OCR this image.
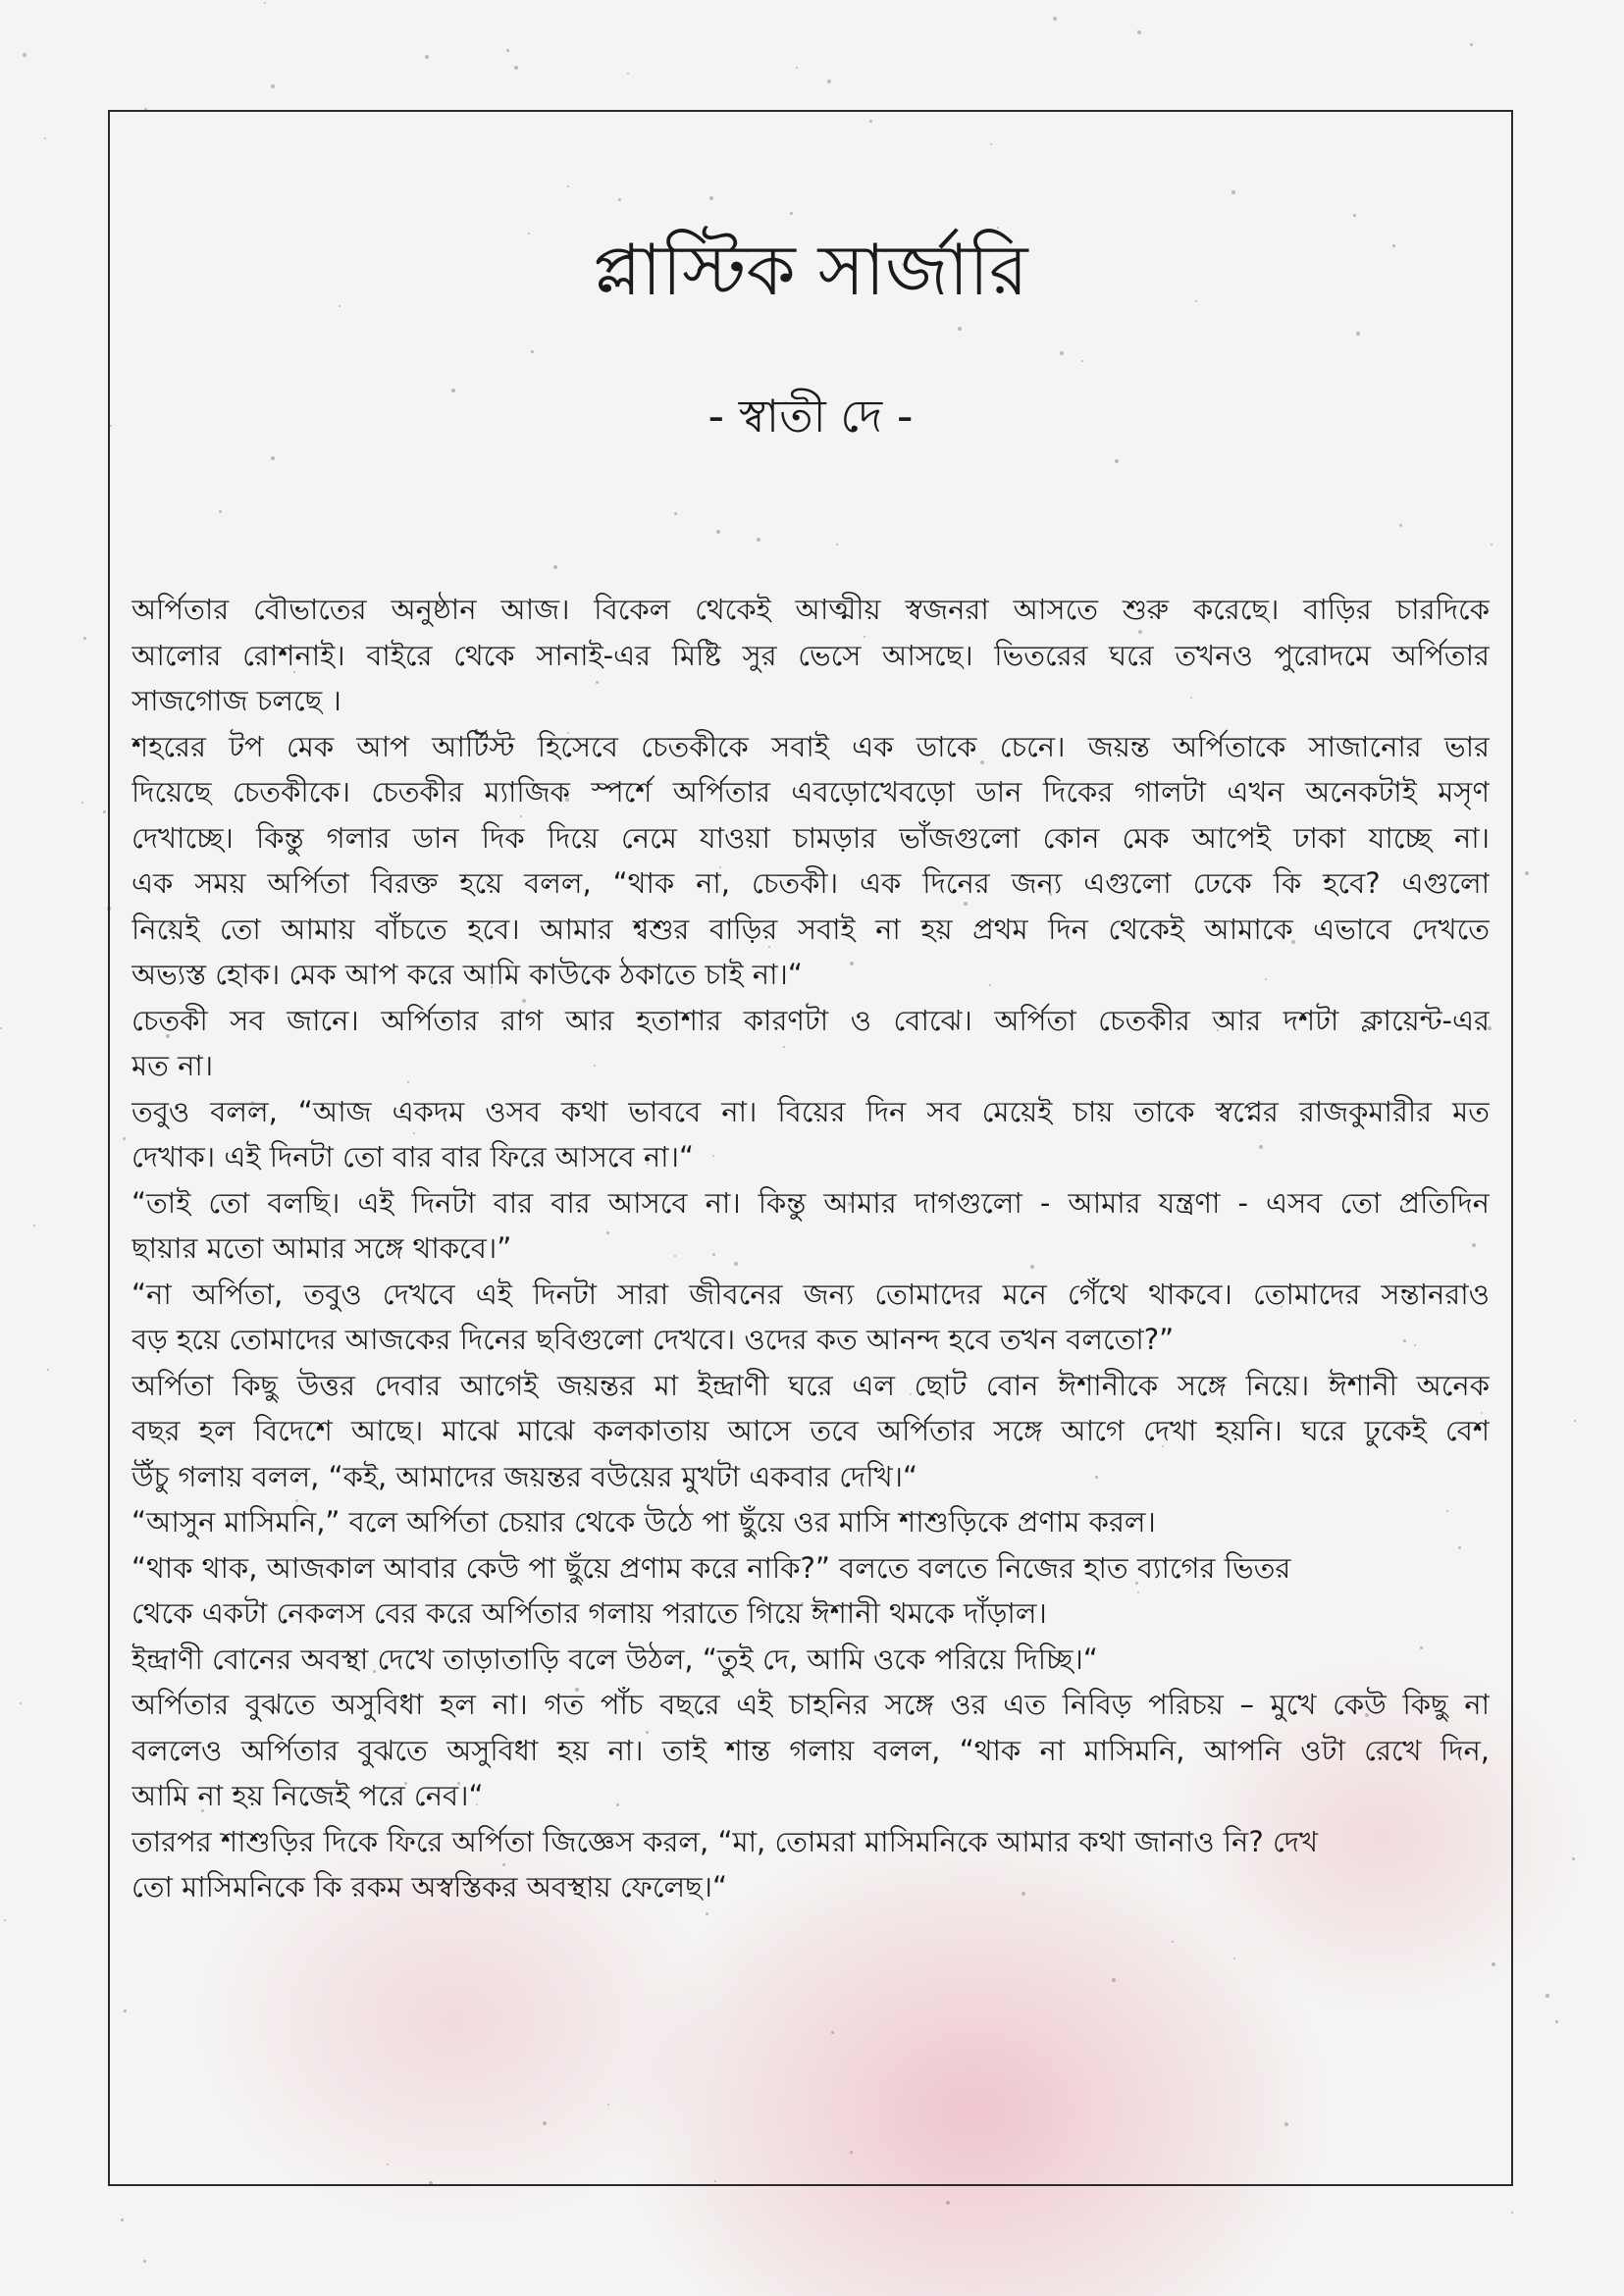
প্লাস্টিক সার্জারি
- স্বাতী দে -
অর্পিতার বৌভাতের অনুষ্ঠান আজ। বিকেল থেকেই আত্মীয় স্বজনরা আসতে শুরু করেছে। বাড়ির চারদিকে
আলোর রোশনাই। বাইরে থেকে সানাই-এর মিষ্টি সুর ভেসে আসছে। ভিতরের ঘরে তখনও পুরোদমে অর্পিতার
সাজগোজ চলছে ।
শহরের টপ মেক আপ আর্টিস্ট হিসেবে চেতকীকে সবাই এক ডাকে চেনে। জয়ন্ত অর্পিতাকে সাজানোর ভার
দিয়েছে চেতকীকে। চেতকীর ম্যাজিক স্পর্শে অর্পিতার এবড়োখেবড়ো ডান দিকের গালটা এখন অনেকটাই মসৃণ
দেখাচ্ছে। কিন্তু গলার ডান দিক দিয়ে নেমে যাওয়া চামড়ার ভাঁজগুলো কোন মেক আপেই ঢাকা যাচ্ছে না।
এক সময় অর্পিতা বিরক্ত হয়ে বলল, “থাক না, চেতকী। এক দিনের জন্য এগুলো ঢেকে কি হবে? এগুলো
নিয়েই তো আমায় বাঁচতে হবে। আমার শ্বশুর বাড়ির সবাই না হয় প্রথম দিন থেকেই আমাকে এভাবে দেখতে
অভ্যস্ত হোক। মেক আপ করে আমি কাউকে ঠকাতে চাই না।“
চেতকী সব জানে। অর্পিতার রাগ আর হতাশার কারণটা ও বোঝে। অর্পিতা চেতকীর আর দশটা ক্লায়েন্ট-এর
মত না।
তবুও বলল, “আজ একদম ওসব কথা ভাববে না। বিয়ের দিন সব মেয়েই চায় তাকে স্বপ্নের রাজকুমারীর মত
দেখাক। এই দিনটা তো বার বার ফিরে আসবে না।“
“তাই তো বলছি। এই দিনটা বার বার আসবে না। কিন্তু আমার দাগগুলো - আমার যন্ত্রণা - এসব তো প্রতিদিন
ছায়ার মতো আমার সঙ্গে থাকবে।”
“না অর্পিতা, তবুও দেখবে এই দিনটা সারা জীবনের জন্য তোমাদের মনে গেঁথে থাকবে। তোমাদের সন্তানরাও
বড় হয়ে তোমাদের আজকের দিনের ছবিগুলো দেখবে। ওদের কত আনন্দ হবে তখন বলতো?”
অর্পিতা কিছু উত্তর দেবার আগেই জয়ন্তর মা ইন্দ্রাণী ঘরে এল ছোট বোন ঈশানীকে সঙ্গে নিয়ে। ঈশানী অনেক
বছর হল বিদেশে আছে। মাঝে মাঝে কলকাতায় আসে তবে অর্পিতার সঙ্গে আগে দেখা হয়নি। ঘরে ঢুকেই বেশ
উঁচু গলায় বলল, “কই, আমাদের জয়ন্তর বউয়ের মুখটা একবার দেখি।“
“আসুন মাসিমনি,” বলে অর্পিতা চেয়ার থেকে উঠে পা ছুঁয়ে ওর মাসি শাশুড়িকে প্রণাম করল।
“থাক থাক, আজকাল আবার কেউ পা ছুঁয়ে প্রণাম করে নাকি?” বলতে বলতে নিজের হাত ব্যাগের ভিতর
থেকে একটা নেকলস বের করে অর্পিতার গলায় পরাতে গিয়ে ঈশানী থমকে দাঁড়াল।
ইন্দ্রাণী বোনের অবস্থা দেখে তাড়াতাড়ি বলে উঠল, “তুই দে, আমি ওকে পরিয়ে দিচ্ছি।“
অর্পিতার বুঝতে অসুবিধা হল না। গত পাঁচ বছরে এই চাহনির সঙ্গে ওর এত নিবিড় পরিচয় – মুখে কেউ কিছু না
বললেও অর্পিতার বুঝতে অসুবিধা হয় না। তাই শান্ত গলায় বলল, “থাক না মাসিমনি, আপনি ওটা রেখে দিন,
আমি না হয় নিজেই পরে নেব।“
তারপর শাশুড়ির দিকে ফিরে অর্পিতা জিজ্ঞেস করল, “মা, তোমরা মাসিমনিকে আমার কথা জানাও নি? দেখ
তো মাসিমনিকে কি রকম অস্বস্তিকর অবস্থায় ফেলেছ।“
